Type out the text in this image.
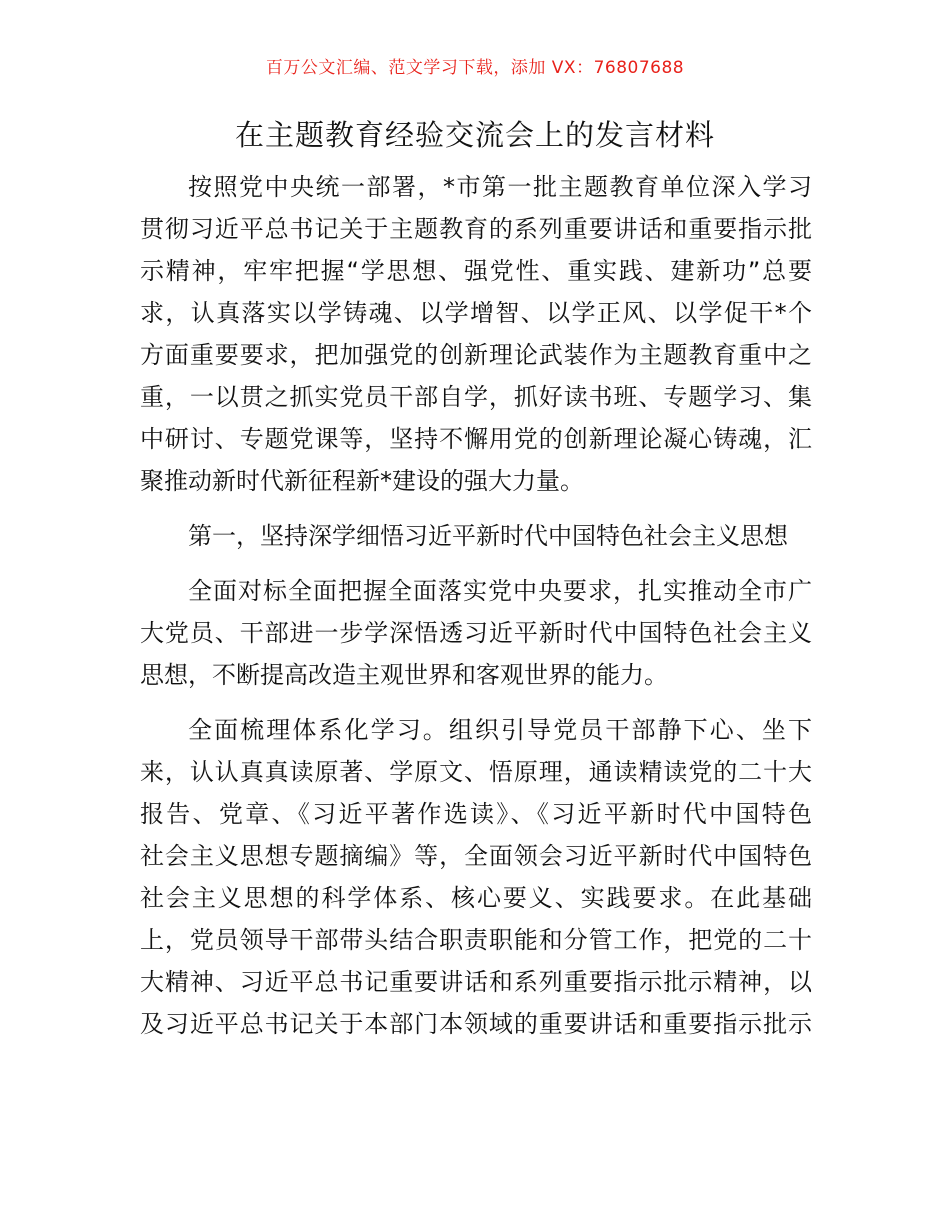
百万公文汇编、范文学习下载，添加 VX：76807688
在主题教育经验交流会上的发言材料

按照党中央统一部署，*市第一批主题教育单位深入学习
贯彻习近平总书记关于主题教育的系列重要讲话和重要指示批
示精神，牢牢把握“学思想、强党性、重实践、建新功”总要
求，认真落实以学铸魂、以学增智、以学正风、以学促干*个
方面重要要求，把加强党的创新理论武装作为主题教育重中之
重，一以贯之抓实党员干部自学，抓好读书班、专题学习、集
中研讨、专题党课等，坚持不懈用党的创新理论凝心铸魂，汇
聚推动新时代新征程新*建设的强大力量。

第一，坚持深学细悟习近平新时代中国特色社会主义思想

全面对标全面把握全面落实党中央要求，扎实推动全市广
大党员、干部进一步学深悟透习近平新时代中国特色社会主义
思想，不断提高改造主观世界和客观世界的能力。

全面梳理体系化学习。组织引导党员干部静下心、坐下
来，认认真真读原著、学原文、悟原理，通读精读党的二十大
报告、党章、《习近平著作选读》、《习近平新时代中国特色
社会主义思想专题摘编》等，全面领会习近平新时代中国特色
社会主义思想的科学体系、核心要义、实践要求。在此基础
上，党员领导干部带头结合职责职能和分管工作，把党的二十
大精神、习近平总书记重要讲话和系列重要指示批示精神，以
及习近平总书记关于本部门本领域的重要讲话和重要指示批示
